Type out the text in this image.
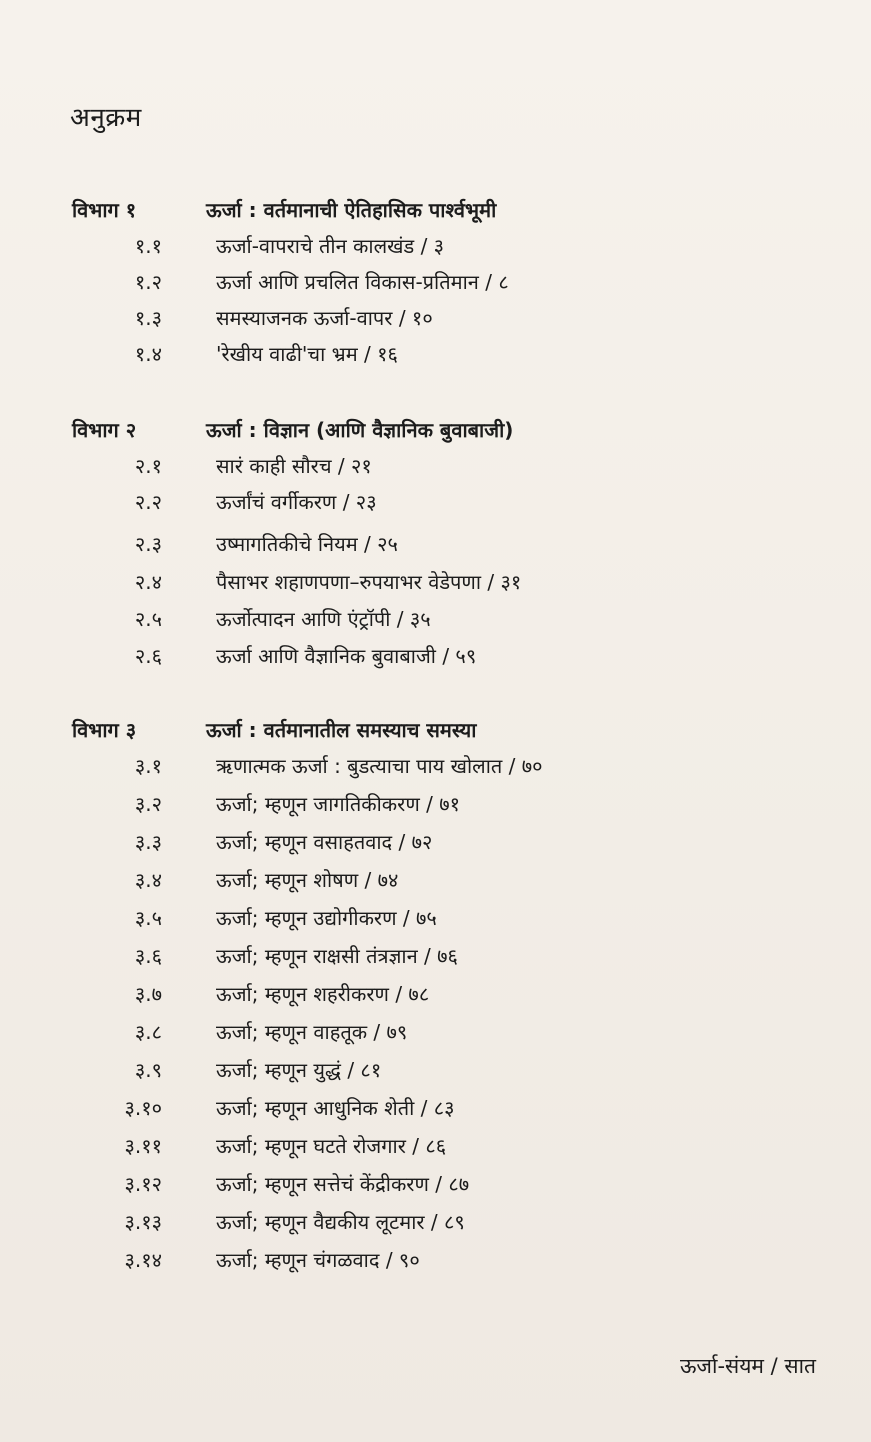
अनुक्रम
विभाग १	ऊर्जा : वर्तमानाची ऐतिहासिक पार्श्वभूमी
१.१	ऊर्जा-वापराचे तीन कालखंड / ३
१.२	ऊर्जा आणि प्रचलित विकास-प्रतिमान / ८
१.३	समस्याजनक ऊर्जा-वापर / १०
१.४	'रेखीय वाढी'चा भ्रम / १६
विभाग २	ऊर्जा : विज्ञान (आणि वैज्ञानिक बुवाबाजी)
२.१	सारं काही सौरच / २१
२.२	ऊर्जांचं वर्गीकरण / २३
२.३	उष्मागतिकीचे नियम / २५
२.४	पैसाभर शहाणपणा–रुपयाभर वेडेपणा / ३१
२.५	ऊर्जोत्पादन आणि एंट्रॉपी / ३५
२.६	ऊर्जा आणि वैज्ञानिक बुवाबाजी / ५९
विभाग ३	ऊर्जा : वर्तमानातील समस्याच समस्या
३.१	ऋणात्मक ऊर्जा : बुडत्याचा पाय खोलात / ७०
३.२	ऊर्जा; म्हणून जागतिकीकरण / ७१
३.३	ऊर्जा; म्हणून वसाहतवाद / ७२
३.४	ऊर्जा; म्हणून शोषण / ७४
३.५	ऊर्जा; म्हणून उद्योगीकरण / ७५
३.६	ऊर्जा; म्हणून राक्षसी तंत्रज्ञान / ७६
३.७	ऊर्जा; म्हणून शहरीकरण / ७८
३.८	ऊर्जा; म्हणून वाहतूक / ७९
३.९	ऊर्जा; म्हणून युद्धं / ८१
३.१०	ऊर्जा; म्हणून आधुनिक शेती / ८३
३.११	ऊर्जा; म्हणून घटते रोजगार / ८६
३.१२	ऊर्जा; म्हणून सत्तेचं केंद्रीकरण / ८७
३.१३	ऊर्जा; म्हणून वैद्यकीय लूटमार / ८९
३.१४	ऊर्जा; म्हणून चंगळवाद / ९०
ऊर्जा-संयम / सात
